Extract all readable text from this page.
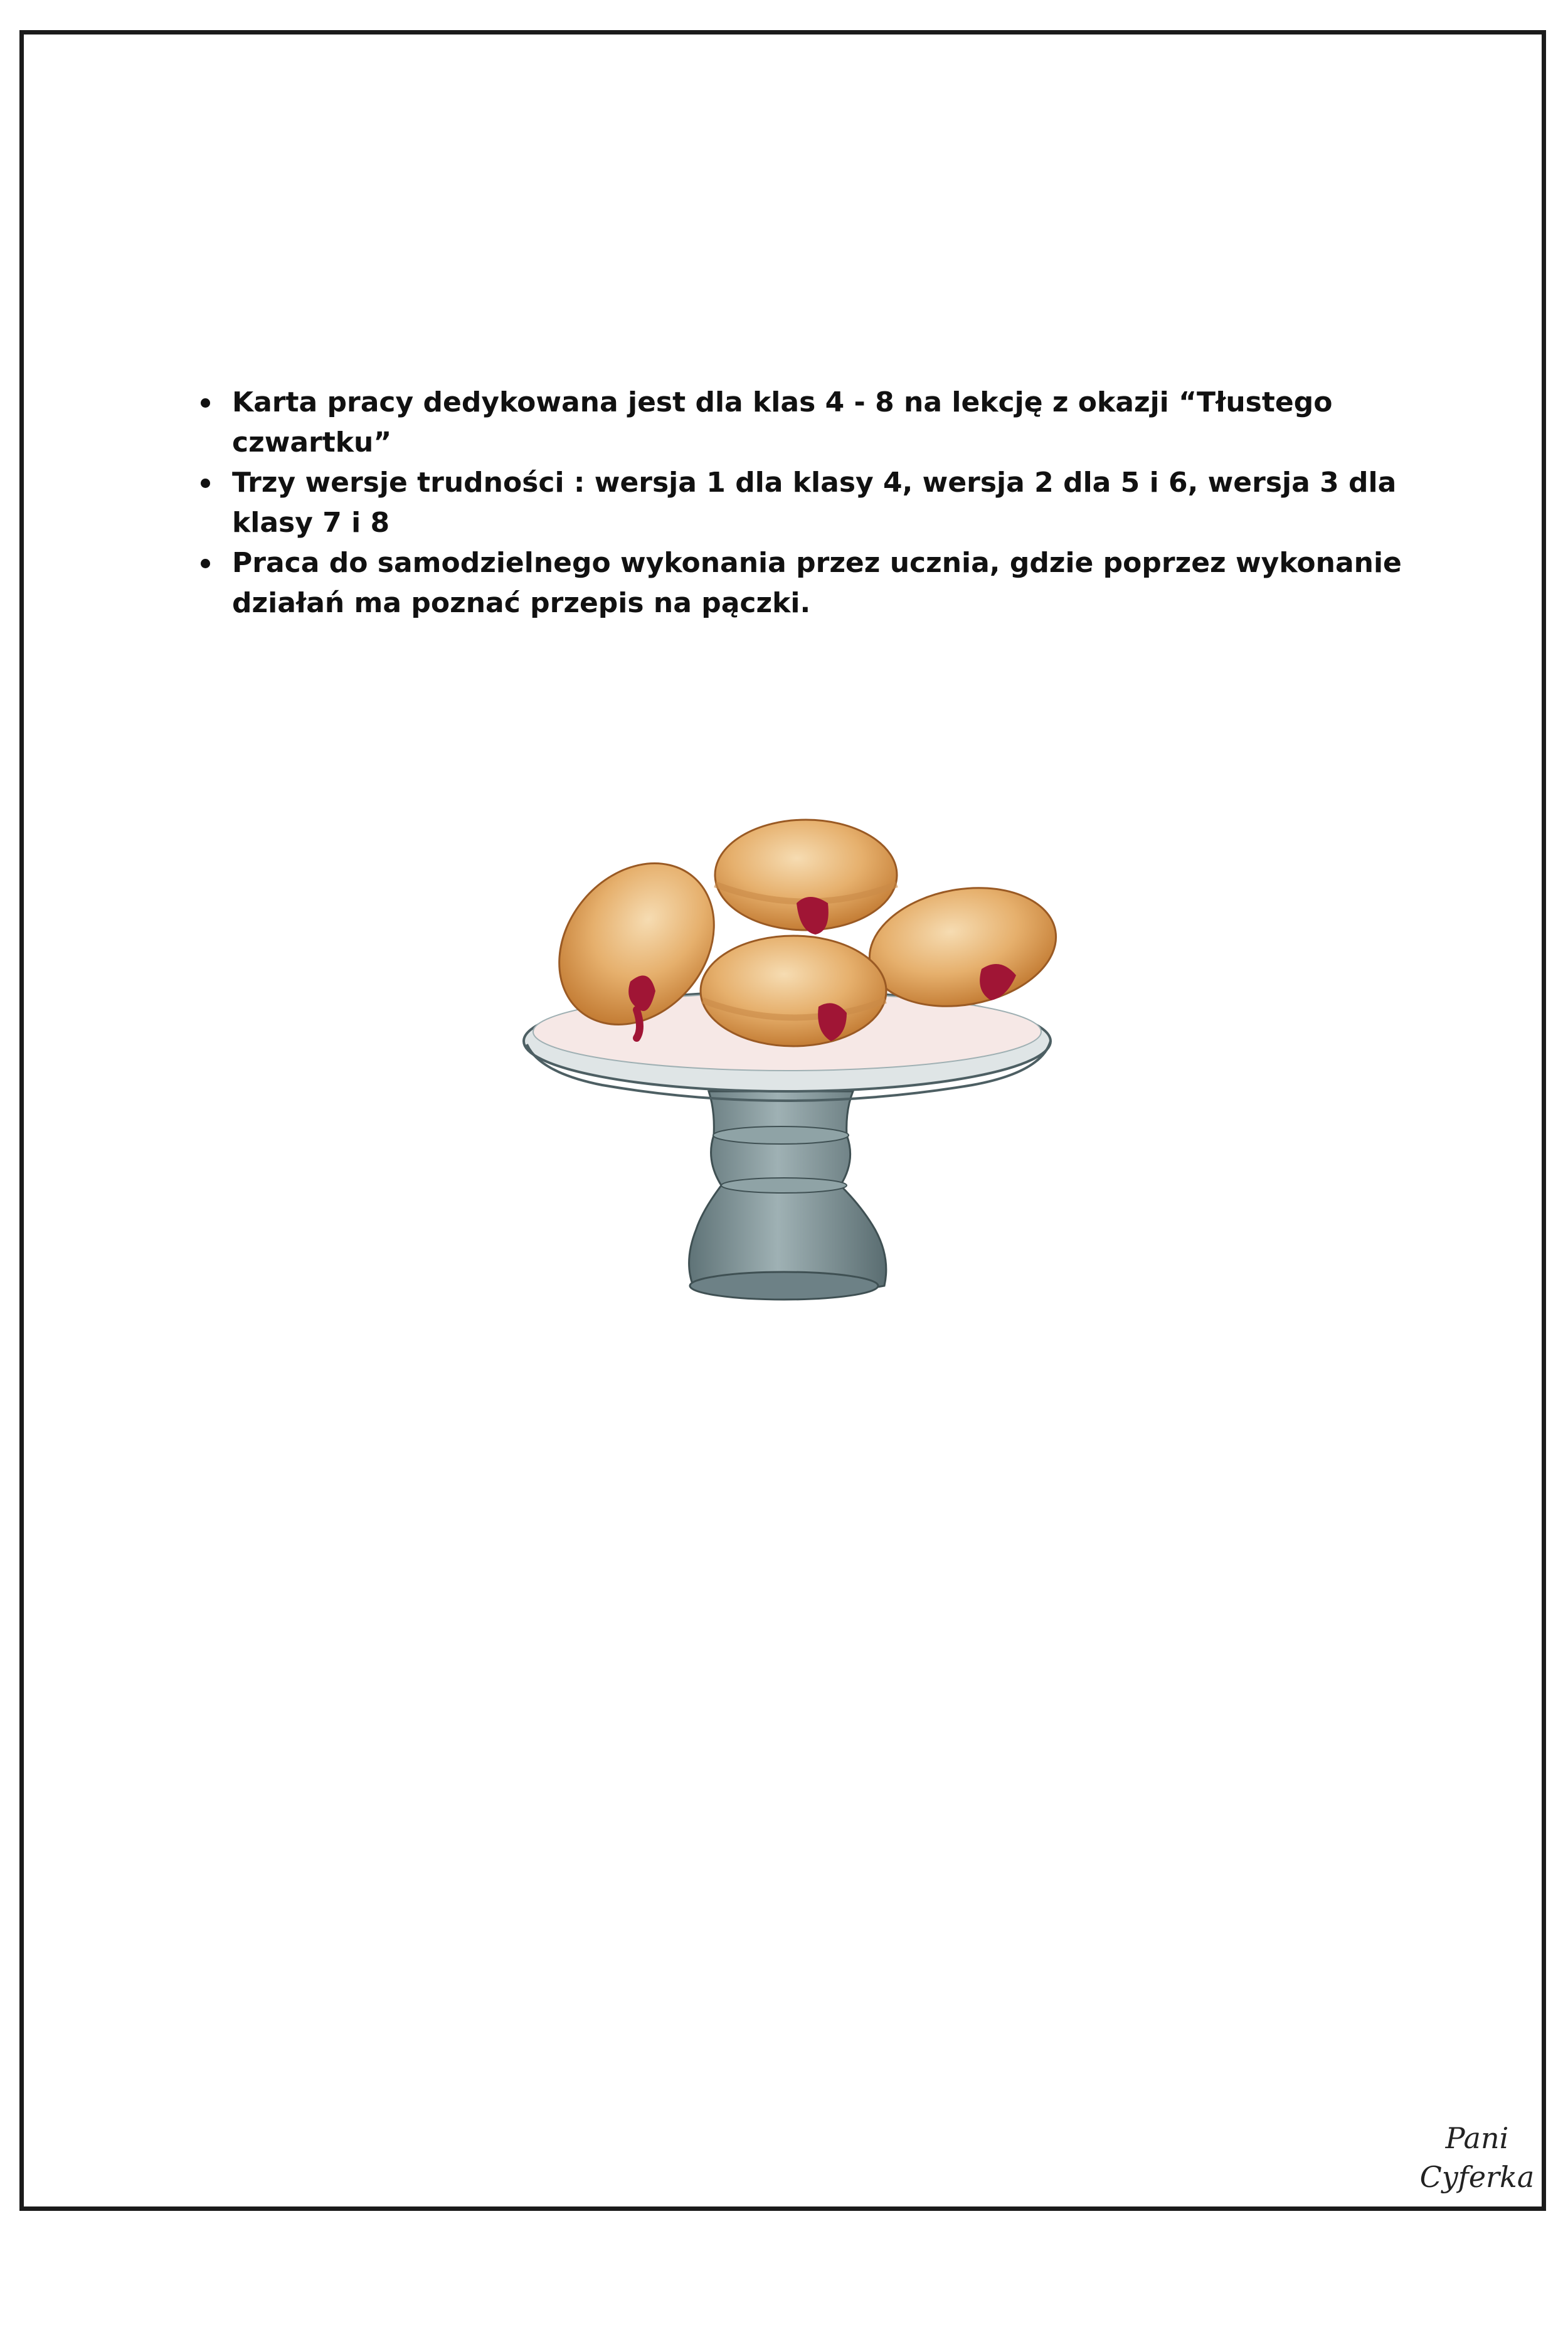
Karta pracy dedykowana jest dla klas 4 - 8 na lekcję z okazji “Tłustego czwartku”
Trzy wersje trudności : wersja 1 dla klasy 4, wersja 2 dla 5 i 6, wersja 3 dla klasy 7 i 8
Praca do samodzielnego wykonania przez ucznia, gdzie poprzez wykonanie działań ma poznać przepis na pączki.
Pani
Cyferka
